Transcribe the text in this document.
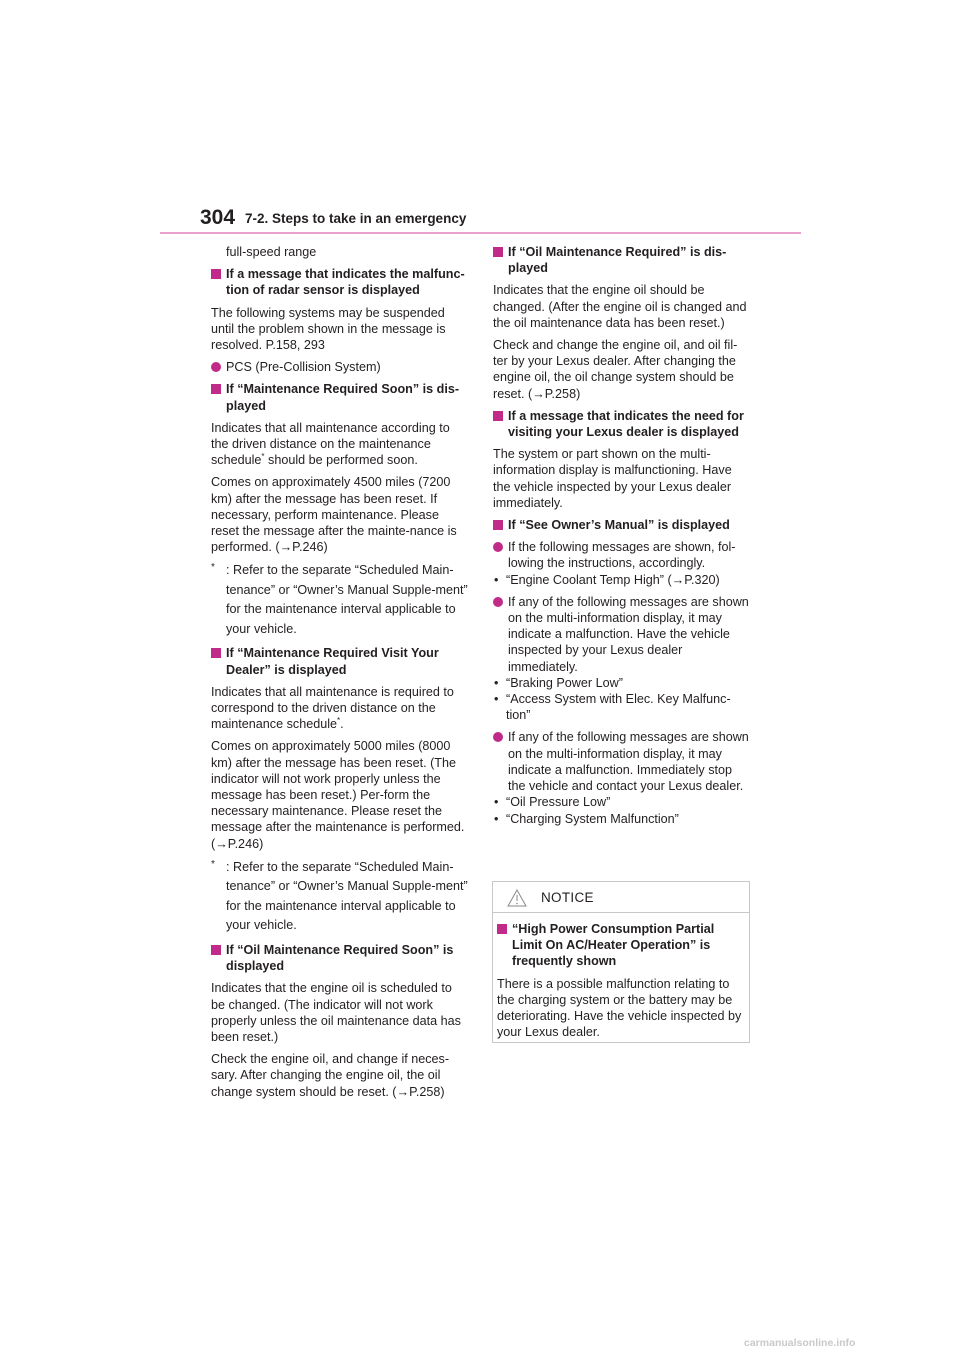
304 7-2. Steps to take in an emergency

full-speed range

If a message that indicates the malfunc-tion of radar sensor is displayed

The following systems may be suspended until the problem shown in the message is resolved. P.158, 293

PCS (Pre-Collision System)
If “Maintenance Required Soon” is dis-played

Indicates that all maintenance according to the driven distance on the maintenance schedule* should be performed soon.

Comes on approximately 4500 miles (7200 km) after the message has been reset. If necessary, perform maintenance. Please reset the message after the mainte-nance is performed. (→P.246)

* : Refer to the separate “Scheduled Main-tenance” or “Owner’s Manual Supple-ment” for the maintenance interval applicable to your vehicle.
If “Maintenance Required Visit Your Dealer” is displayed

Indicates that all maintenance is required to correspond to the driven distance on the maintenance schedule*.

Comes on approximately 5000 miles (8000 km) after the message has been reset. (The indicator will not work properly unless the message has been reset.) Per-form the necessary maintenance. Please reset the message after the maintenance is performed. (→P.246)

* : Refer to the separate “Scheduled Main-tenance” or “Owner’s Manual Supple-ment” for the maintenance interval applicable to your vehicle.
If “Oil Maintenance Required Soon” is displayed

Indicates that the engine oil is scheduled to be changed. (The indicator will not work properly unless the oil maintenance data has been reset.)

Check the engine oil, and change if neces-sary. After changing the engine oil, the oil change system should be reset. (→P.258)

If “Oil Maintenance Required” is dis-played

Indicates that the engine oil should be changed. (After the engine oil is changed and the oil maintenance data has been reset.)

Check and change the engine oil, and oil fil-ter by your Lexus dealer. After changing the engine oil, the oil change system should be reset. (→P.258)

If a message that indicates the need for visiting your Lexus dealer is displayed

The system or part shown on the multi-information display is malfunctioning. Have the vehicle inspected by your Lexus dealer immediately.

If “See Owner’s Manual” is displayed
If the following messages are shown, fol-lowing the instructions, accordingly.
• “Engine Coolant Temp High” (→P.320)
If any of the following messages are shown on the multi-information display, it may indicate a malfunction. Have the vehicle inspected by your Lexus dealer immediately.
• “Braking Power Low”
• “Access System with Elec. Key Malfunc-tion”
If any of the following messages are shown on the multi-information display, it may indicate a malfunction. Immediately stop the vehicle and contact your Lexus dealer.
• “Oil Pressure Low”
• “Charging System Malfunction”
NOTICE
“High Power Consumption Partial Limit On AC/Heater Operation” is frequently shown

There is a possible malfunction relating to the charging system or the battery may be deteriorating. Have the vehicle inspected by your Lexus dealer.

carmanualsonline.info
